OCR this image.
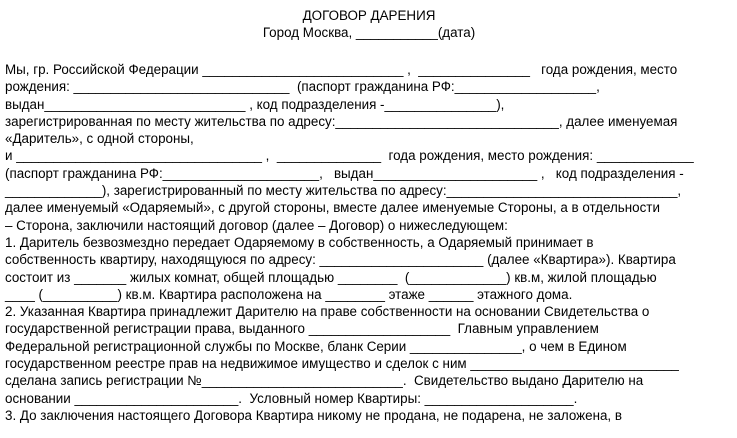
ДОГОВОР ДАРЕНИЯ
Город Москва, ___________(дата)
Мы, гр. Российской Федерации ___________________________ ,  _______________   года рождения, место
рождения: _____________________________  (паспорт гражданина РФ:___________________,
выдан___________________________ , код подразделения -_______________),
зарегистрированная по месту жительства по адресу:______________________________, далее именуемая
«Даритель», с одной стороны,
и _________________________________ ,  ______________  года рождения, место рождения: _____________
(паспорт гражданина РФ:_____________________,   выдан______________________ ,   код подразделения -
_____________), зарегистрированный по месту жительства по адресу:_______________________________,
далее именуемый «Одаряемый», с другой стороны, вместе далее именуемые Стороны, а в отдельности
– Сторона, заключили настоящий договор (далее – Договор) о нижеследующем:
1. Даритель безвозмездно передает Одаряемому в собственность, а Одаряемый принимает в
собственность квартиру, находящуюся по адресу: ______________________ (далее «Квартира»). Квартира
состоит из _______ жилых комнат, общей площадью ________  (_____________) кв.м, жилой площадью
____ (__________) кв.м. Квартира расположена на ________ этаже ______ этажного дома.
2. Указанная Квартира принадлежит Дарителю на праве собственности на основании Свидетельства о
государственной регистрации права, выданного ___________________  Главным управлением
Федеральной регистрационной службы по Москве, бланк Серии _______________, о чем в Едином
государственном реестре прав на недвижимое имущество и сделок с ним ____________________________
сделана запись регистрации №___________________________.  Свидетельство выдано Дарителю на
основании ______________________.  Условный номер Квартиры: ____________________.
3. До заключения настоящего Договора Квартира никому не продана, не подарена, не заложена, в
